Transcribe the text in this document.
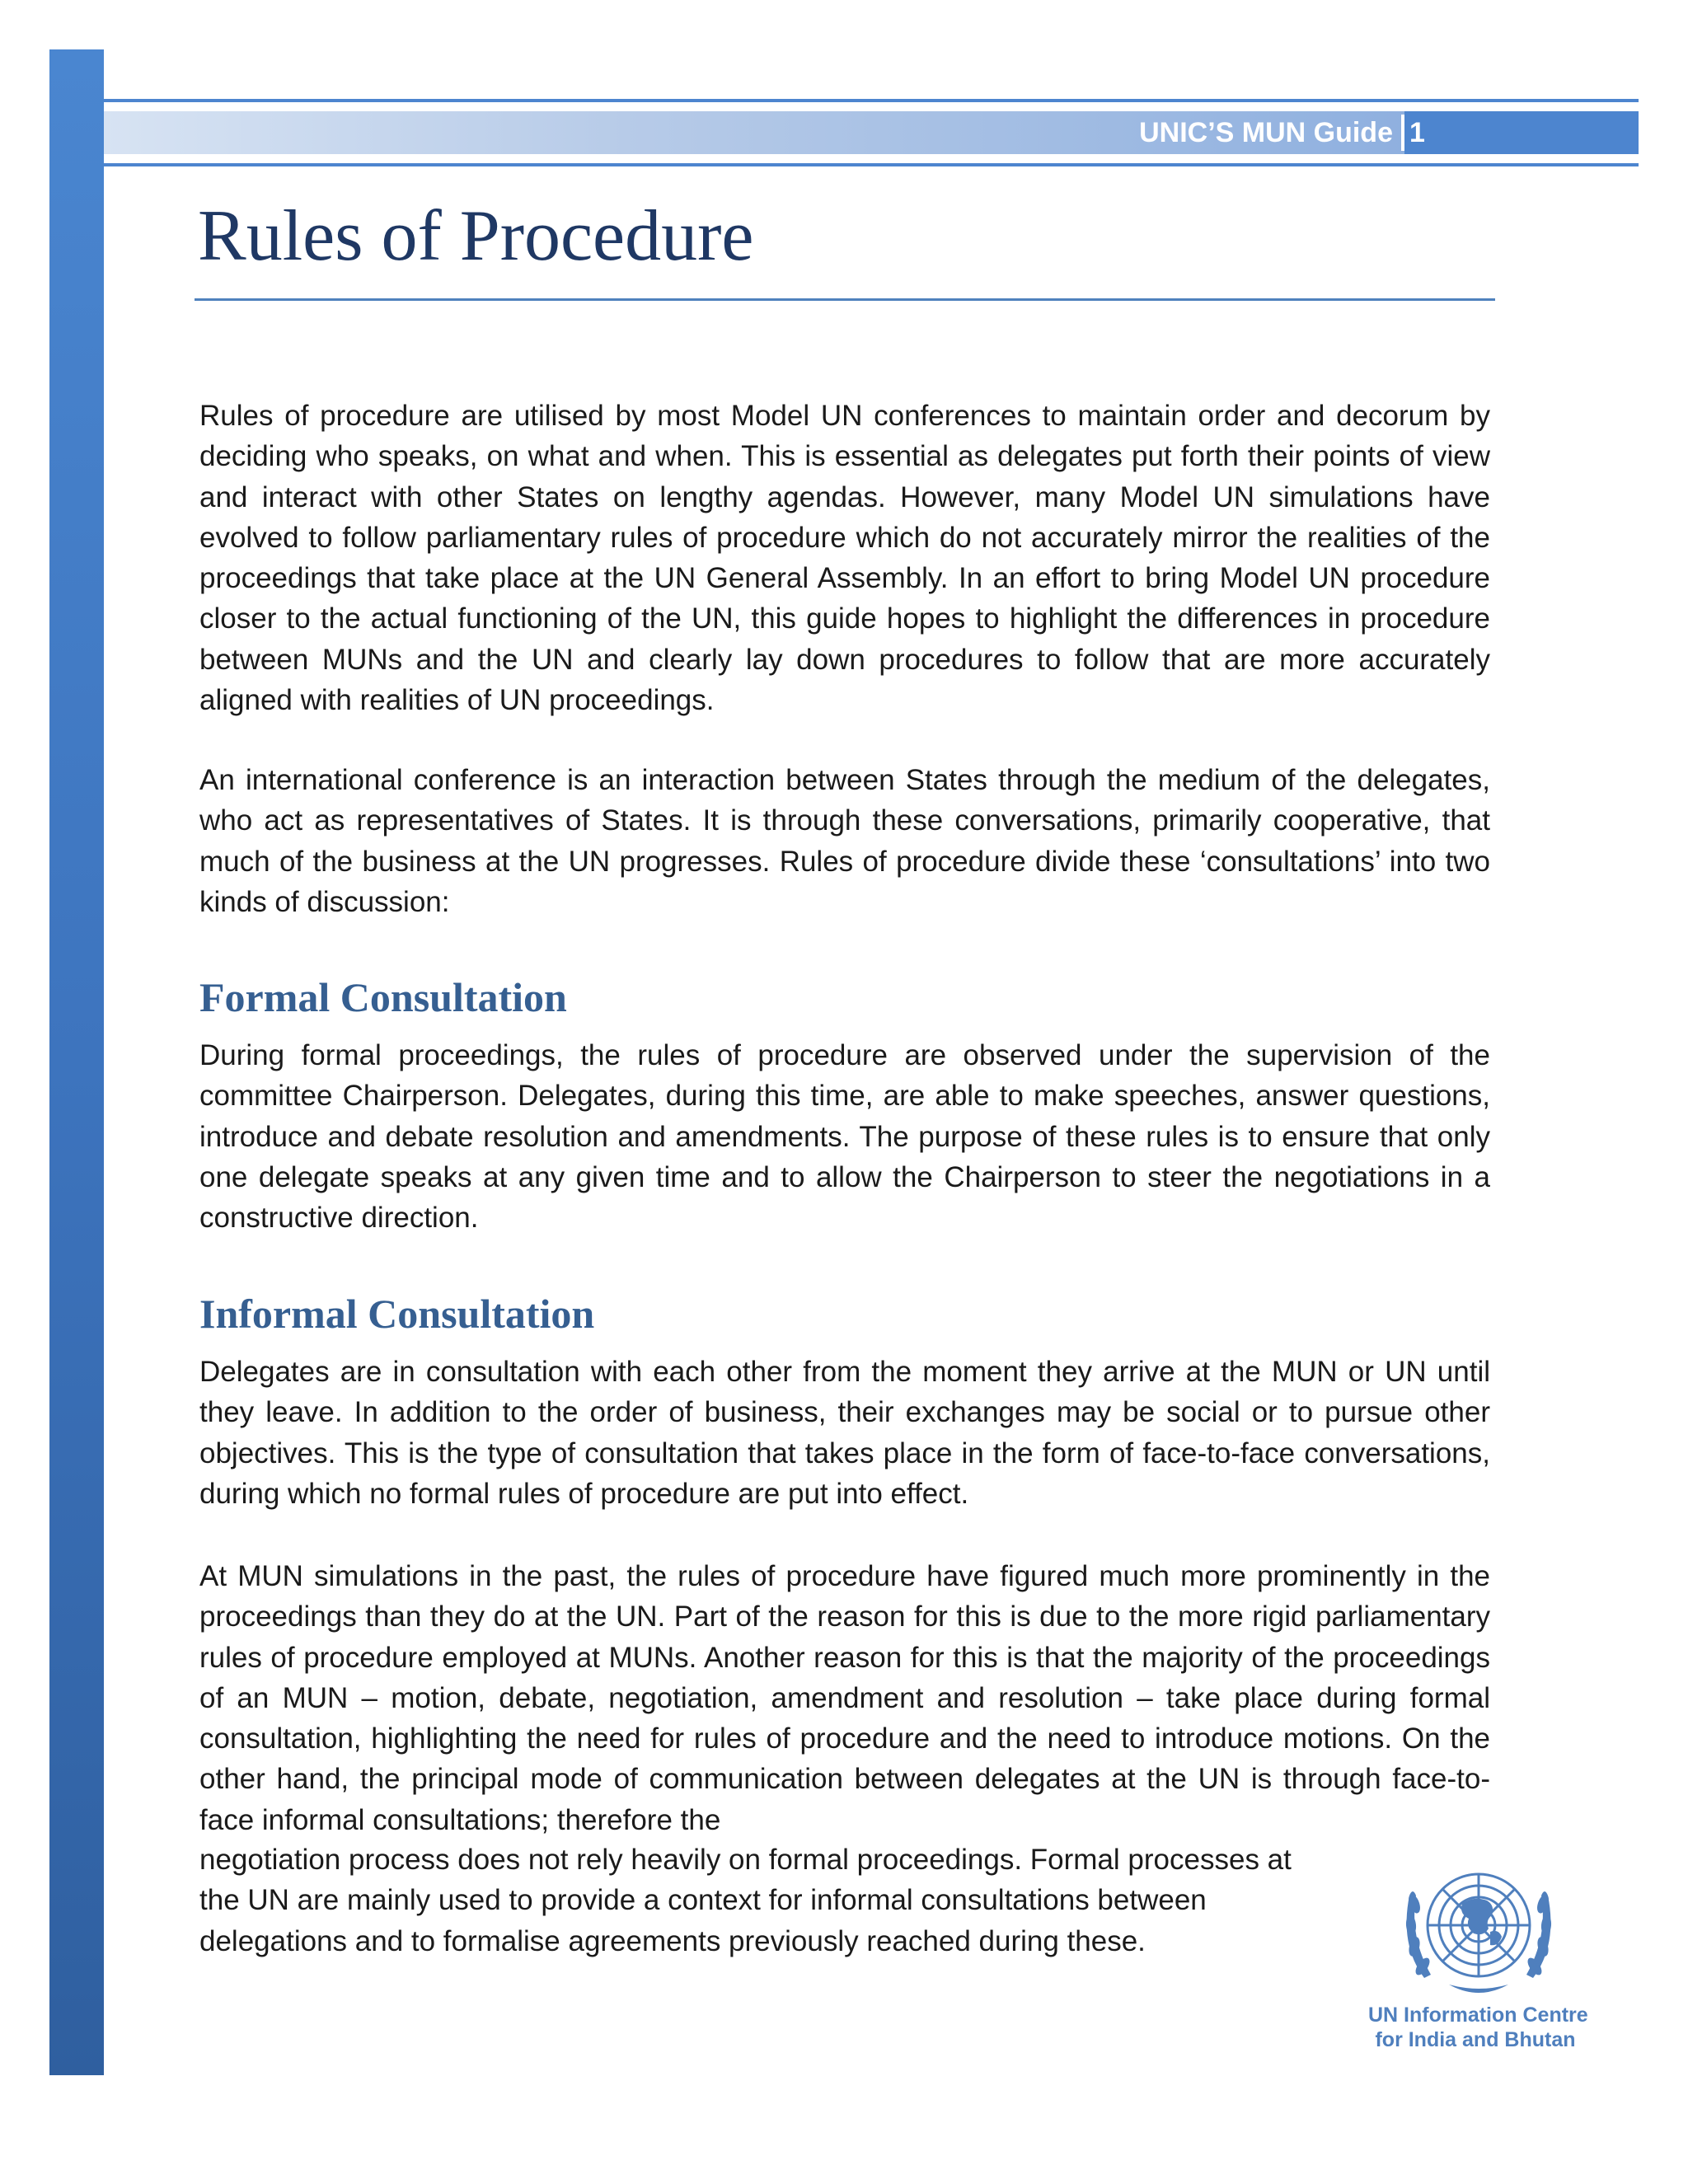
UNIC’S MUN Guide 1
Rules of Procedure

Rules of procedure are utilised by most Model UN conferences to maintain order and decorum by deciding who speaks, on what and when. This is essential as delegates put forth their points of view and interact with other States on lengthy agendas. However, many Model UN simulations have evolved to follow parliamentary rules of procedure which do not accurately mirror the realities of the proceedings that take place at the UN General Assembly. In an effort to bring Model UN procedure closer to the actual functioning of the UN, this guide hopes to highlight the differences in procedure between MUNs and the UN and clearly lay down procedures to follow that are more accurately aligned with realities of UN proceedings.

An international conference is an interaction between States through the medium of the delegates, who act as representatives of States. It is through these conversations, primarily cooperative, that much of the business at the UN progresses. Rules of procedure divide these ‘consultations’ into two kinds of discussion:

Formal Consultation

During formal proceedings, the rules of procedure are observed under the supervision of the committee Chairperson. Delegates, during this time, are able to make speeches, answer questions, introduce and debate resolution and amendments. The purpose of these rules is to ensure that only one delegate speaks at any given time and to allow the Chairperson to steer the negotiations in a constructive direction.

Informal Consultation

Delegates are in consultation with each other from the moment they arrive at the MUN or UN until they leave. In addition to the order of business, their exchanges may be social or to pursue other objectives. This is the type of consultation that takes place in the form of face-to-face conversations, during which no formal rules of procedure are put into effect.

At MUN simulations in the past, the rules of procedure have figured much more prominently in the proceedings than they do at the UN. Part of the reason for this is due to the more rigid parliamentary rules of procedure employed at MUNs. Another reason for this is that the majority of the proceedings of an MUN – motion, debate, negotiation, amendment and resolution – take place during formal consultation, highlighting the need for rules of procedure and the need to introduce motions. On the other hand, the principal mode of communication between delegates at the UN is through face-to-face informal consultations; therefore the

negotiation process does not rely heavily on formal proceedings. Formal processes at the UN are mainly used to provide a context for informal consultations between delegations and to formalise agreements previously reached during these.

UN Information Centre
for India and Bhutan
